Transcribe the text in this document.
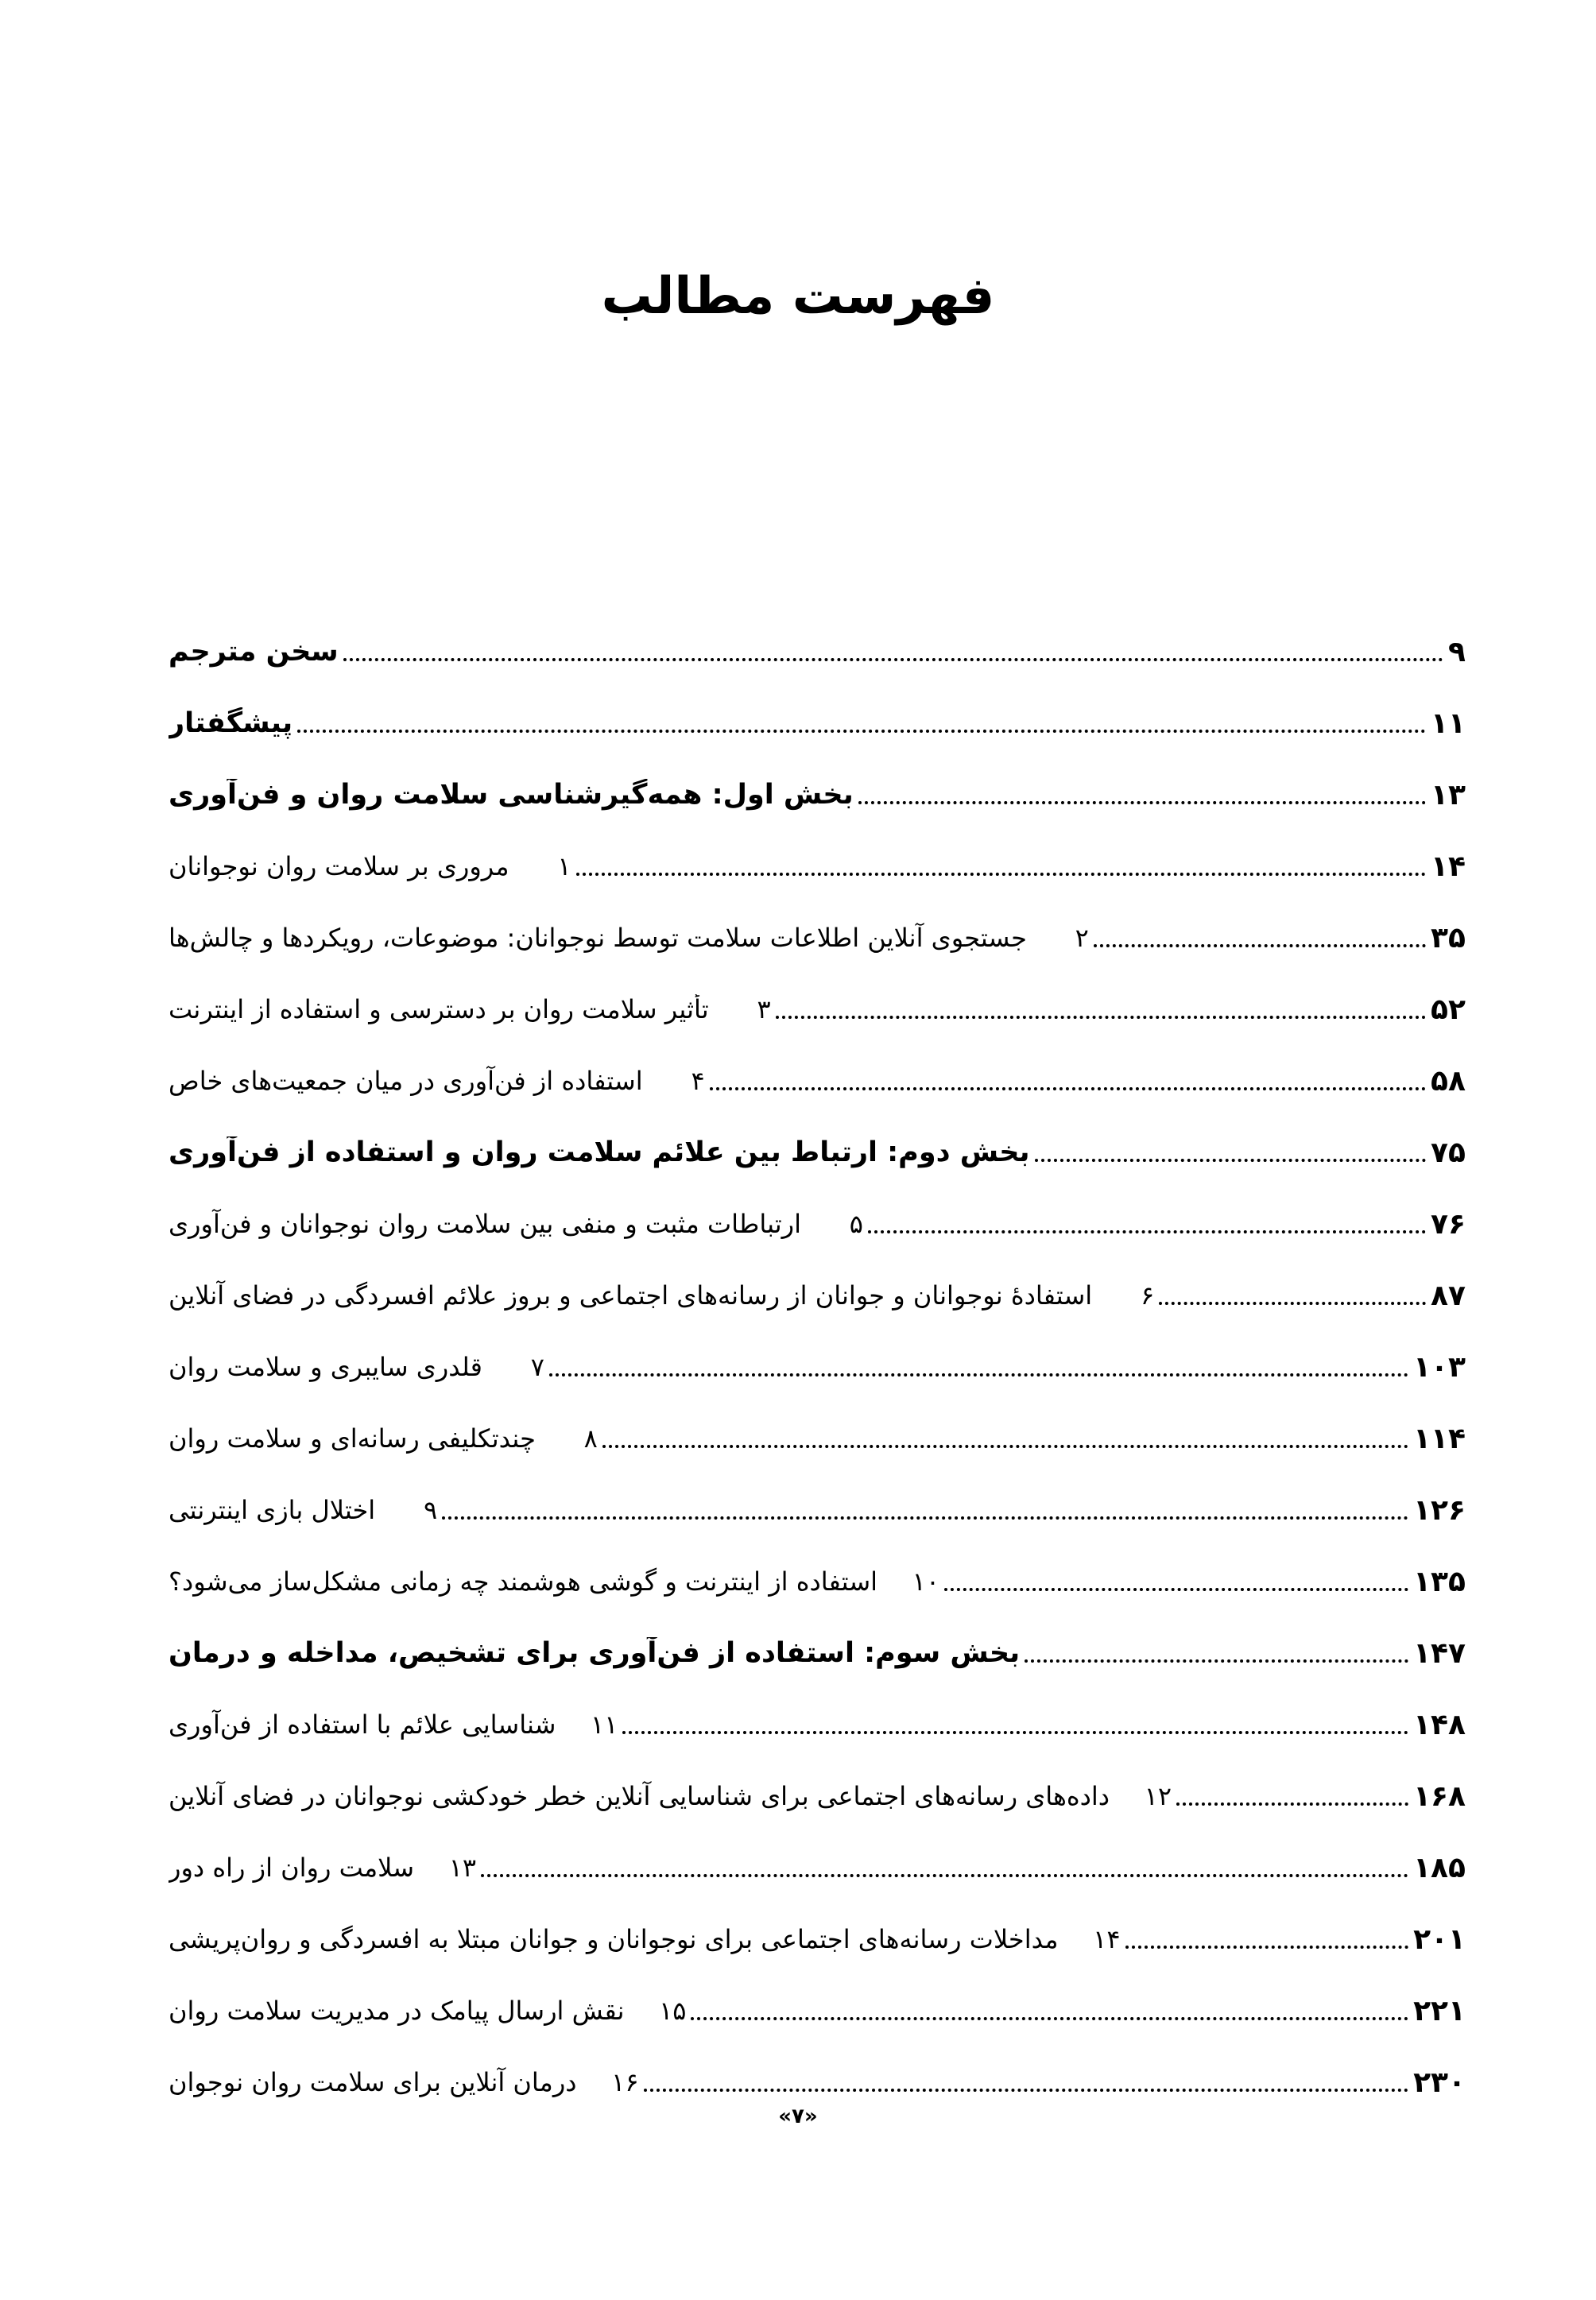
فهرست مطالب
سخن مترجم	۹
پیشگفتار	۱۱
بخش اول: همه‌گیرشناسی سلامت روان و فن‌آوری	۱۳
۱مروری بر سلامت روان نوجوانان	۱۴
۲جستجوی آنلاین اطلاعات سلامت توسط نوجوانان: موضوعات، رویکردها و چالش‌ها	۳۵
۳تأثیر سلامت روان بر دسترسی و استفاده از اینترنت	۵۲
۴استفاده از فن‌آوری در میان جمعیت‌های خاص	۵۸
بخش دوم: ارتباط بین علائم سلامت روان و استفاده از فن‌آوری	۷۵
۵ارتباطات مثبت و منفی بین سلامت روان نوجوانان و فن‌آوری	۷۶
۶استفادهٔ نوجوانان و جوانان از رسانه‌های اجتماعی و بروز علائم افسردگی در فضای آنلاین	۸۷
۷قلدری سایبری و سلامت روان	۱۰۳
۸چندتکلیفی رسانه‌ای و سلامت روان	۱۱۴
۹اختلال بازی اینترنتی	۱۲۶
۱۰استفاده از اینترنت و گوشی هوشمند چه زمانی مشکل‌ساز می‌شود؟	۱۳۵
بخش سوم: استفاده از فن‌آوری برای تشخیص، مداخله و درمان	۱۴۷
۱۱شناسایی علائم با استفاده از فن‌آوری	۱۴۸
۱۲داده‌های رسانه‌های اجتماعی برای شناسایی آنلاین خطر خودکشی نوجوانان در فضای آنلاین	۱۶۸
۱۳سلامت روان از راه دور	۱۸۵
۱۴مداخلات رسانه‌های اجتماعی برای نوجوانان و جوانان مبتلا به افسردگی و روان‌پریشی	۲۰۱
۱۵نقش ارسال پیامک در مدیریت سلامت روان	۲۲۱
۱۶درمان آنلاین برای سلامت روان نوجوان	۲۳۰
«۷»
